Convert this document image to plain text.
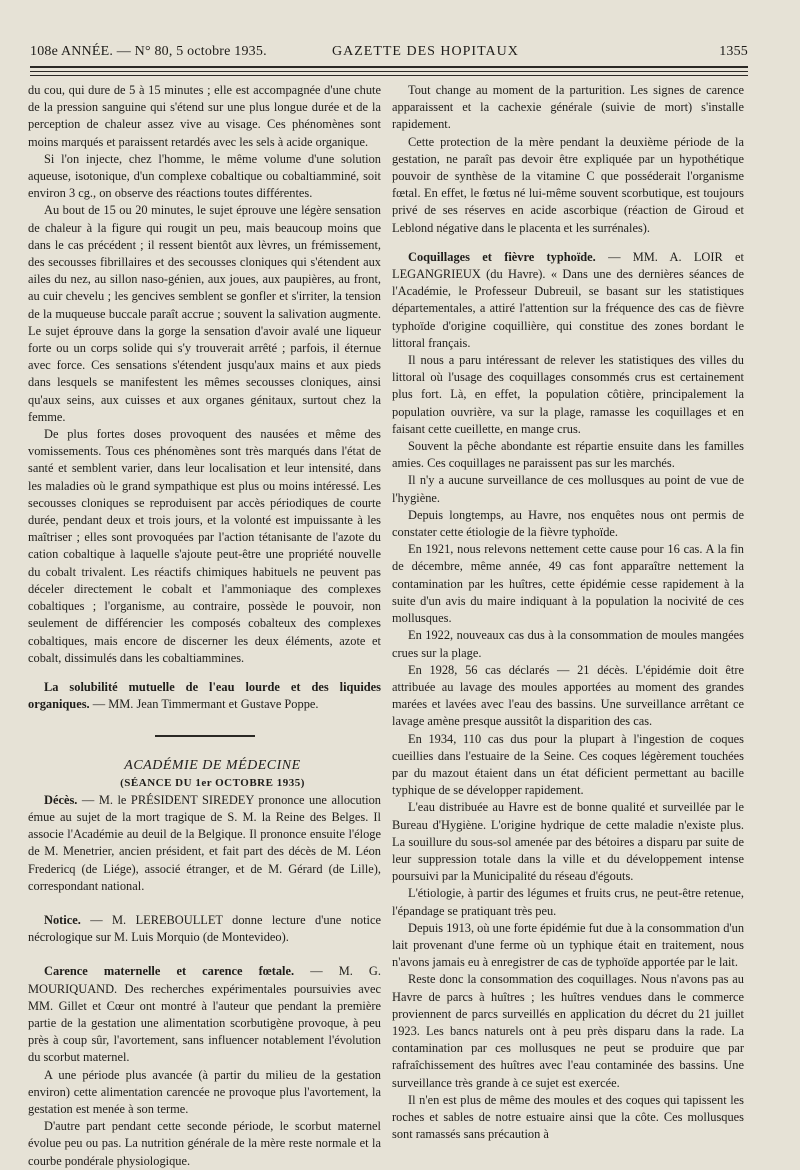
108e ANNÉE. — N° 80, 5 octobre 1935.	GAZETTE DES HOPITAUX	1355

du cou, qui dure de 5 à 15 minutes ; elle est accompagnée d'une chute de la pression sanguine qui s'étend sur une plus longue durée et de la perception de chaleur assez vive au visage. Ces phénomènes sont moins marqués et paraissent retardés avec les sels à acide organique.

Si l'on injecte, chez l'homme, le même volume d'une solution aqueuse, isotonique, d'un complexe cobaltique ou cobaltiamminé, soit environ 3 cg., on observe des réactions toutes différentes.

Au bout de 15 ou 20 minutes, le sujet éprouve une légère sensation de chaleur à la figure qui rougit un peu, mais beaucoup moins que dans le cas précédent ; il ressent bientôt aux lèvres, un frémissement, des secousses fibrillaires et des secousses cloniques qui s'étendent aux ailes du nez, au sillon naso-génien, aux joues, aux paupières, au front, au cuir chevelu ; les gencives semblent se gonfler et s'irriter, la tension de la muqueuse buccale paraît accrue ; souvent la salivation augmente. Le sujet éprouve dans la gorge la sensation d'avoir avalé une liqueur forte ou un corps solide qui s'y trouverait arrêté ; parfois, il éternue avec force. Ces sensations s'étendent jusqu'aux mains et aux pieds dans lesquels se manifestent les mêmes secousses cloniques, ainsi qu'aux seins, aux cuisses et aux organes génitaux, surtout chez la femme.

De plus fortes doses provoquent des nausées et même des vomissements. Tous ces phénomènes sont très marqués dans l'état de santé et semblent varier, dans leur localisation et leur intensité, dans les maladies où le grand sympathique est plus ou moins intéressé. Les secousses cloniques se reproduisent par accès périodiques de courte durée, pendant deux et trois jours, et la volonté est impuissante à les maîtriser ; elles sont provoquées par l'action tétanisante de l'azote du cation cobaltique à laquelle s'ajoute peut-être une propriété nouvelle du cobalt trivalent. Les réactifs chimiques habituels ne peuvent pas déceler directement le cobalt et l'ammoniaque des complexes cobaltiques ; l'organisme, au contraire, possède le pouvoir, non seulement de différencier les composés cobalteux des complexes cobaltiques, mais encore de discerner les deux éléments, azote et cobalt, dissimulés dans les cobaltiammines.

La solubilité mutuelle de l'eau lourde et des liquides organiques. — MM. Jean Timmermant et Gustave Poppe.

ACADÉMIE DE MÉDECINE

(SÉANCE DU 1er OCTOBRE 1935)

Décès. — M. le PRÉSIDENT SIREDEY prononce une allocution émue au sujet de la mort tragique de S. M. la Reine des Belges. Il associe l'Académie au deuil de la Belgique. Il prononce ensuite l'éloge de M. Menetrier, ancien président, et fait part des décès de M. Léon Fredericq (de Liége), associé étranger, et de M. Gérard (de Lille), correspondant national.

Notice. — M. LEREBOULLET donne lecture d'une notice nécrologique sur M. Luis Morquio (de Montevideo).

Carence maternelle et carence fœtale. — M. G. MOURIQUAND. Des recherches expérimentales poursuivies avec MM. Gillet et Cœur ont montré à l'auteur que pendant la première partie de la gestation une alimentation scorbutigène provoque, à peu près à coup sûr, l'avortement, sans influencer notablement l'évolution du scorbut maternel.

A une période plus avancée (à partir du milieu de la gestation environ) cette alimentation carencée ne provoque plus l'avortement, la gestation est menée à son terme.

D'autre part pendant cette seconde période, le scorbut maternel évolue peu ou pas. La nutrition générale de la mère reste normale et la courbe pondérale physiologique.

Tout change au moment de la parturition. Les signes de carence apparaissent et la cachexie générale (suivie de mort) s'installe rapidement.

Cette protection de la mère pendant la deuxième période de la gestation, ne paraît pas devoir être expliquée par un hypothétique pouvoir de synthèse de la vitamine C que posséderait l'organisme fœtal. En effet, le fœtus né lui-même souvent scorbutique, est toujours privé de ses réserves en acide ascorbique (réaction de Giroud et Leblond négative dans le placenta et les surrénales).

Coquillages et fièvre typhoïde. — MM. A. LOIR et LEGANGRIEUX (du Havre). « Dans une des dernières séances de l'Académie, le Professeur Dubreuil, se basant sur les statistiques départementales, a attiré l'attention sur la fréquence des cas de fièvre typhoïde d'origine coquillière, qui constitue des zones bordant le littoral français.

Il nous a paru intéressant de relever les statistiques des villes du littoral où l'usage des coquillages consommés crus est certainement plus fort. Là, en effet, la population côtière, principalement la population ouvrière, va sur la plage, ramasse les coquillages et en faisant cette cueillette, en mange crus.

Souvent la pêche abondante est répartie ensuite dans les familles amies. Ces coquillages ne paraissent pas sur les marchés.

Il n'y a aucune surveillance de ces mollusques au point de vue de l'hygiène.

Depuis longtemps, au Havre, nos enquêtes nous ont permis de constater cette étiologie de la fièvre typhoïde.

En 1921, nous relevons nettement cette cause pour 16 cas. A la fin de décembre, même année, 49 cas font apparaître nettement la contamination par les huîtres, cette épidémie cesse rapidement à la suite d'un avis du maire indiquant à la population la nocivité de ces mollusques.

En 1922, nouveaux cas dus à la consommation de moules mangées crues sur la plage.

En 1928, 56 cas déclarés — 21 décès. L'épidémie doit être attribuée au lavage des moules apportées au moment des grandes marées et lavées avec l'eau des bassins. Une surveillance arrêtant ce lavage amène presque aussitôt la disparition des cas.

En 1934, 110 cas dus pour la plupart à l'ingestion de coques cueillies dans l'estuaire de la Seine. Ces coques légèrement touchées par du mazout étaient dans un état déficient permettant au bacille typhique de se développer rapidement.

L'eau distribuée au Havre est de bonne qualité et surveillée par le Bureau d'Hygiène. L'origine hydrique de cette maladie n'existe plus. La souillure du sous-sol amenée par des bétoires a disparu par suite de leur suppression totale dans la ville et du développement intense poursuivi par la Municipalité du réseau d'égouts.

L'étiologie, à partir des légumes et fruits crus, ne peut-être retenue, l'épandage se pratiquant très peu.

Depuis 1913, où une forte épidémie fut due à la consommation d'un lait provenant d'une ferme où un typhique était en traitement, nous n'avons jamais eu à enregistrer de cas de typhoïde apportée par le lait.

Reste donc la consommation des coquillages. Nous n'avons pas au Havre de parcs à huîtres ; les huîtres vendues dans le commerce proviennent de parcs surveillés en application du décret du 21 juillet 1923. Les bancs naturels ont à peu près disparu dans la rade. La contamination par ces mollusques ne peut se produire que par rafraîchissement des huîtres avec l'eau contaminée des bassins. Une surveillance très grande à ce sujet est exercée.

Il n'en est plus de même des moules et des coques qui tapissent les roches et sables de notre estuaire ainsi que la côte. Ces mollusques sont ramassés sans précaution à
